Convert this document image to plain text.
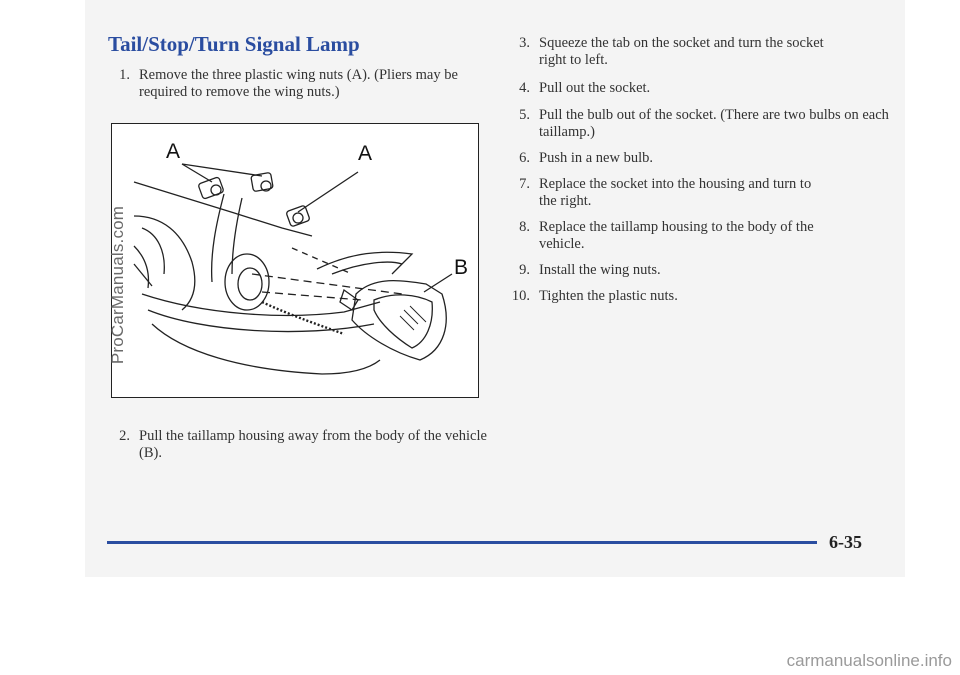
Tail/Stop/Turn Signal Lamp
1. Remove the three plastic wing nuts (A). (Pliers may be required to remove the wing nuts.)
A	A
B
2. Pull the taillamp housing away from the body of the vehicle (B).
3. Squeeze the tab on the socket and turn the socket right to left.
4. Pull out the socket.
5. Pull the bulb out of the socket. (There are two bulbs on each taillamp.)
6. Push in a new bulb.
7. Replace the socket into the housing and turn to the right.
8. Replace the taillamp housing to the body of the vehicle.
9. Install the wing nuts.
10. Tighten the plastic nuts.
ProCarManuals.com
6-35
carmanualsonline.info
